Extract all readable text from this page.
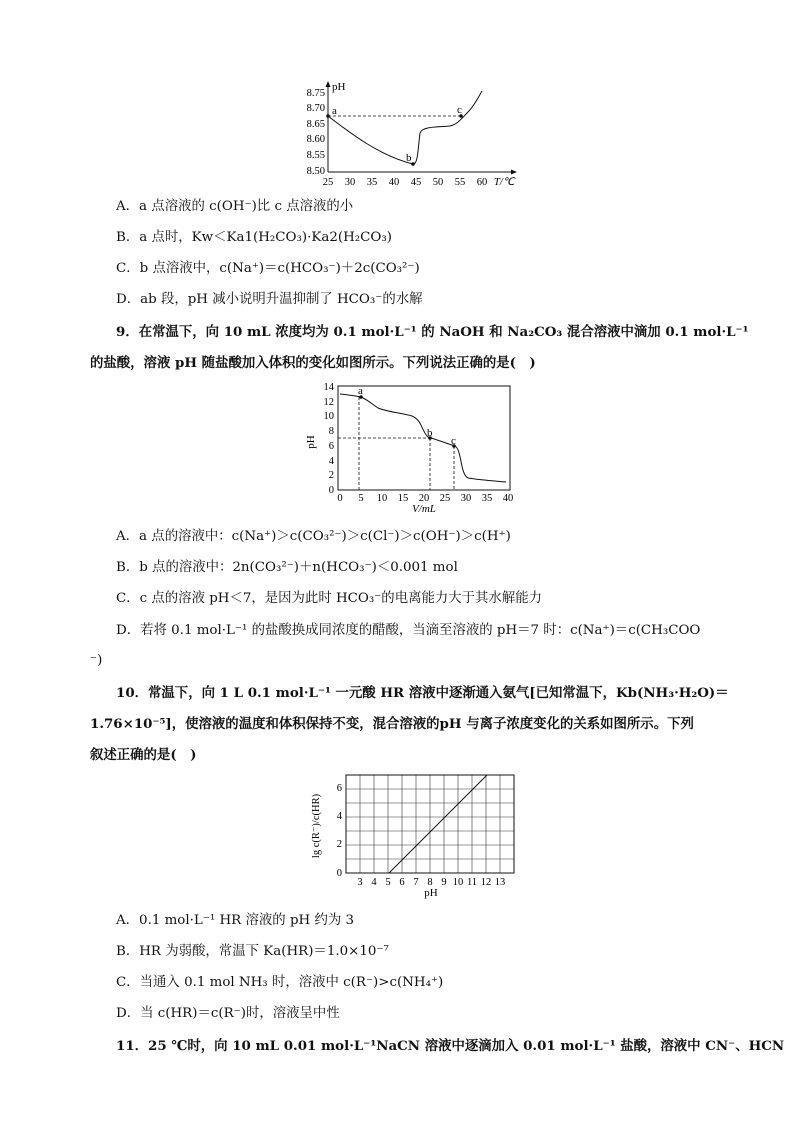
pH
T/℃
8.75
8.70
8.65
8.60
8.55
8.50
25 30 35 40 45 50 55 60
a
b
c
A．a 点溶液的 c(OH⁻)比 c 点溶液的小
B．a 点时，Kw＜Ka1(H₂CO₃)·Ka2(H₂CO₃)
C．b 点溶液中，c(Na⁺)＝c(HCO₃⁻)＋2c(CO₃²⁻)
D．ab 段，pH 减小说明升温抑制了 HCO₃⁻的水解
9．在常温下，向 10 mL 浓度均为 0.1 mol·L⁻¹ 的 NaOH 和 Na₂CO₃ 混合溶液中滴加 0.1 mol·L⁻¹
的盐酸，溶液 pH 随盐酸加入体积的变化如图所示。下列说法正确的是(　)
pH
V/mL
14
12
10
8
6
4
2
0
0 5 10 15 20 25 30 35 40
a
b
c
A．a 点的溶液中：c(Na⁺)＞c(CO₃²⁻)＞c(Cl⁻)＞c(OH⁻)＞c(H⁺)
B．b 点的溶液中：2n(CO₃²⁻)＋n(HCO₃⁻)＜0.001 mol
C．c 点的溶液 pH＜7，是因为此时 HCO₃⁻的电离能力大于其水解能力
D．若将 0.1 mol·L⁻¹ 的盐酸换成同浓度的醋酸，当滴至溶液的 pH＝7 时：c(Na⁺)＝c(CH₃COO
⁻)
10．常温下，向 1 L 0.1 mol·L⁻¹ 一元酸 HR 溶液中逐渐通入氨气[已知常温下，Kb(NH₃·H₂O)＝
1.76×10⁻⁵]，使溶液的温度和体积保持不变，混合溶液的pH 与离子浓度变化的关系如图所示。下列
叙述正确的是(　)
lg c(R⁻)/c(HR)
pH
6
4
2
0
3 4 5 6 7 8 9 10 11 12 13
A．0.1 mol·L⁻¹ HR 溶液的 pH 约为 3
B．HR 为弱酸，常温下 Ka(HR)＝1.0×10⁻⁷
C．当通入 0.1 mol NH₃ 时，溶液中 c(R⁻)>c(NH₄⁺)
D．当 c(HR)＝c(R⁻)时，溶液呈中性
11．25 ℃时，向 10 mL 0.01 mol·L⁻¹NaCN 溶液中逐滴加入 0.01 mol·L⁻¹ 盐酸，溶液中 CN⁻、HCN
